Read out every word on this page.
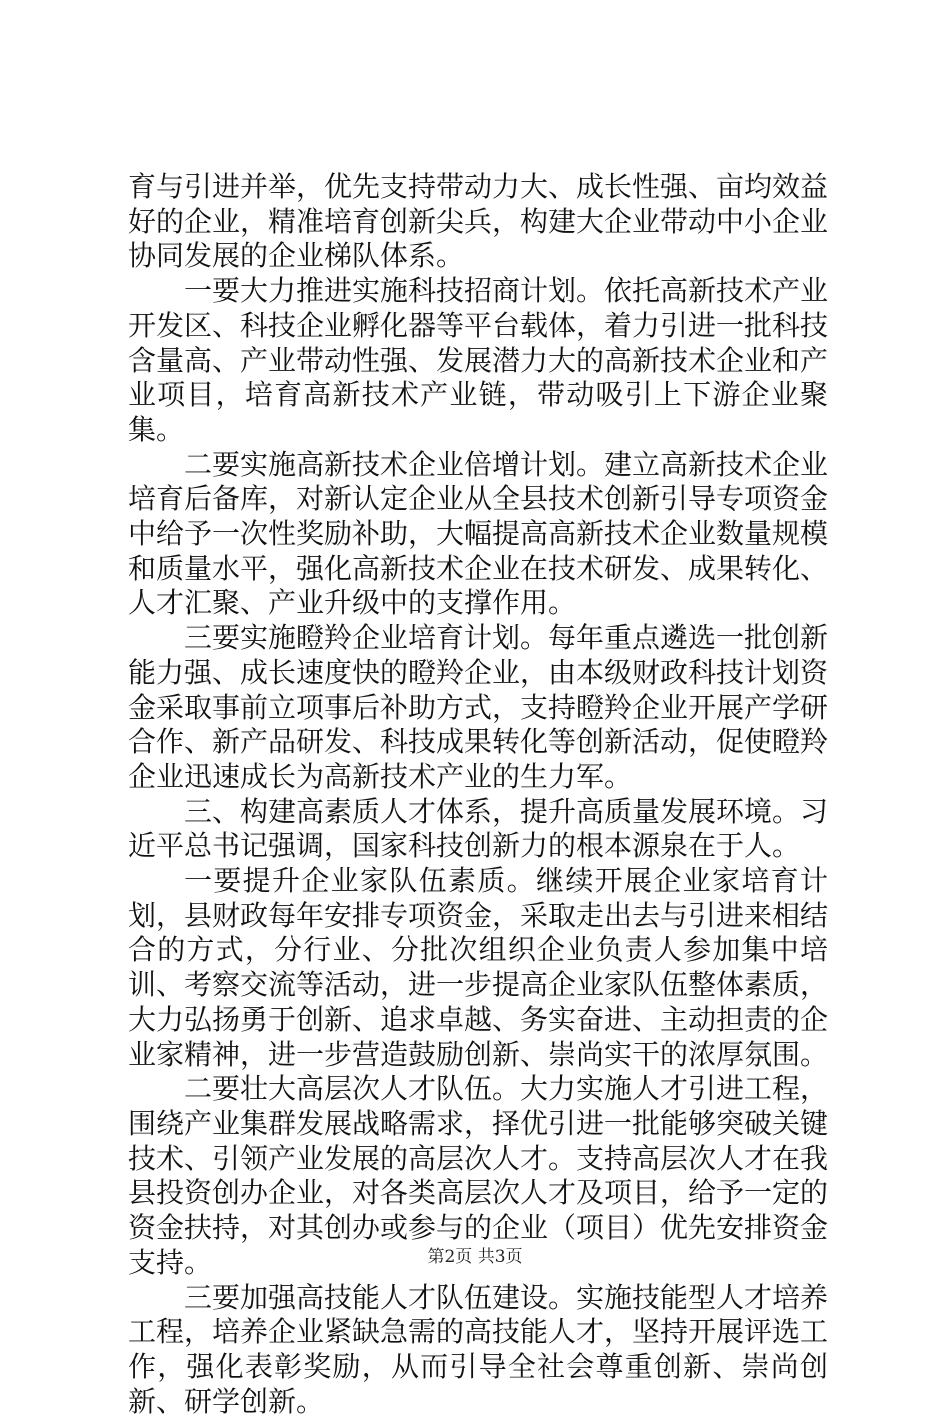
育与引进并举，优先支持带动力大、成长性强、亩均效益好的企业，精准培育创新尖兵，构建大企业带动中小企业协同发展的企业梯队体系。

一要大力推进实施科技招商计划。依托高新技术产业开发区、科技企业孵化器等平台载体，着力引进一批科技含量高、产业带动性强、发展潜力大的高新技术企业和产业项目，培育高新技术产业链，带动吸引上下游企业聚集。

二要实施高新技术企业倍增计划。建立高新技术企业培育后备库，对新认定企业从全县技术创新引导专项资金中给予一次性奖励补助，大幅提高高新技术企业数量规模和质量水平，强化高新技术企业在技术研发、成果转化、人才汇聚、产业升级中的支撑作用。

三要实施瞪羚企业培育计划。每年重点遴选一批创新能力强、成长速度快的瞪羚企业，由本级财政科技计划资金采取事前立项事后补助方式，支持瞪羚企业开展产学研合作、新产品研发、科技成果转化等创新活动，促使瞪羚企业迅速成长为高新技术产业的生力军。

三、构建高素质人才体系，提升高质量发展环境。习近平总书记强调，国家科技创新力的根本源泉在于人。

一要提升企业家队伍素质。继续开展企业家培育计划，县财政每年安排专项资金，采取走出去与引进来相结合的方式，分行业、分批次组织企业负责人参加集中培训、考察交流等活动，进一步提高企业家队伍整体素质，大力弘扬勇于创新、追求卓越、务实奋进、主动担责的企业家精神，进一步营造鼓励创新、崇尚实干的浓厚氛围。

二要壮大高层次人才队伍。大力实施人才引进工程，围绕产业集群发展战略需求，择优引进一批能够突破关键技术、引领产业发展的高层次人才。支持高层次人才在我县投资创办企业，对各类高层次人才及项目，给予一定的资金扶持，对其创办或参与的企业（项目）优先安排资金支持。

三要加强高技能人才队伍建设。实施技能型人才培养工程，培养企业紧缺急需的高技能人才，坚持开展评选工作，强化表彰奖励，从而引导全社会尊重创新、崇尚创新、研学创新。

第2页 共3页
